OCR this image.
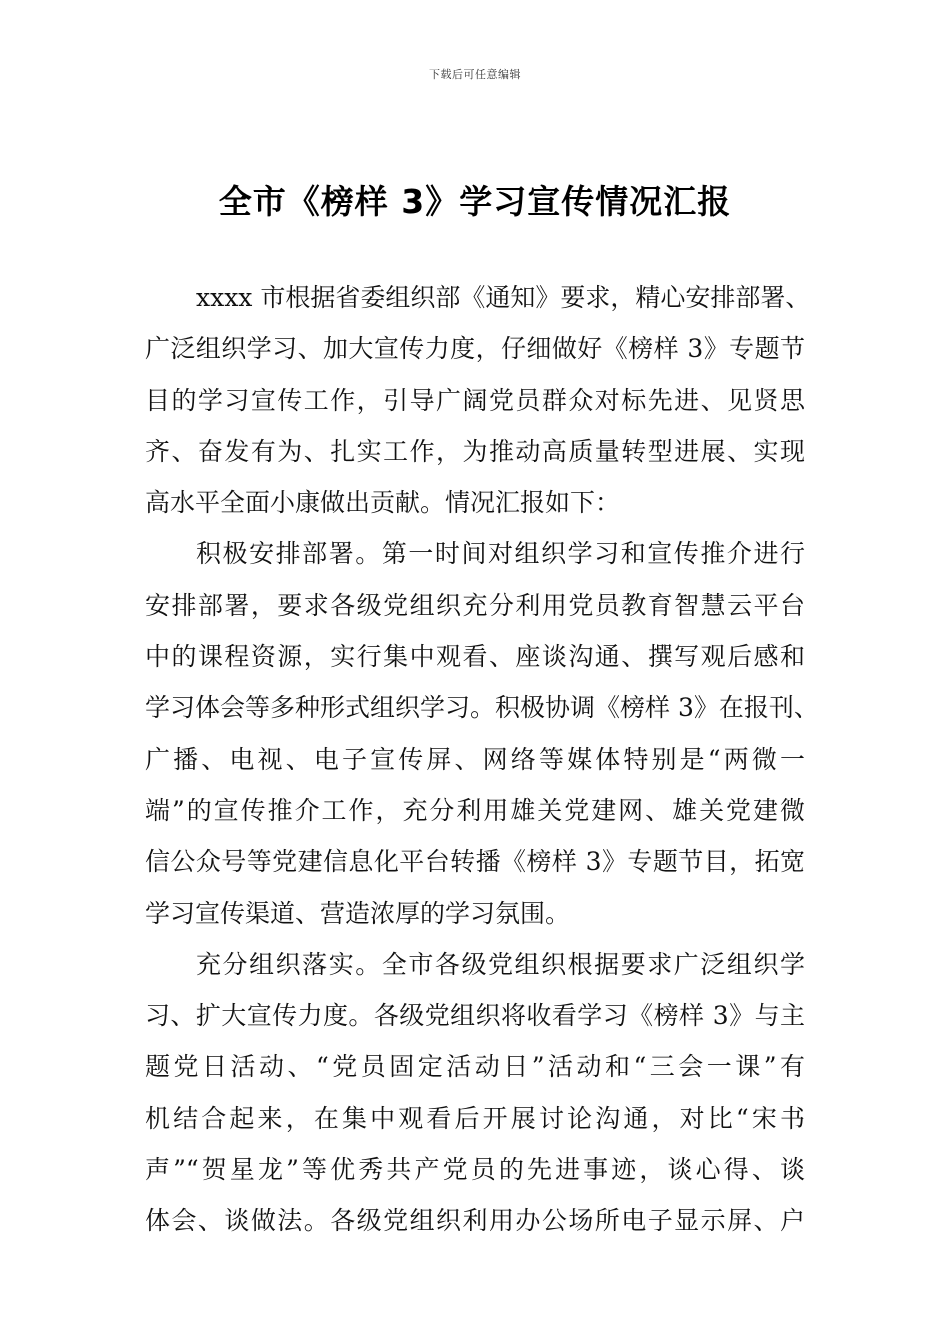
下载后可任意编辑
全市《榜样 3》学习宣传情况汇报
xxxx 市根据省委组织部《通知》要求，精心安排部署、
广泛组织学习、加大宣传力度，仔细做好《榜样 3》专题节
目的学习宣传工作，引导广阔党员群众对标先进、见贤思
齐、奋发有为、扎实工作，为推动高质量转型进展、实现
高水平全面小康做出贡献。情况汇报如下：
积极安排部署。第一时间对组织学习和宣传推介进行
安排部署，要求各级党组织充分利用党员教育智慧云平台
中的课程资源，实行集中观看、座谈沟通、撰写观后感和
学习体会等多种形式组织学习。积极协调《榜样 3》在报刊、
广播、电视、电子宣传屏、网络等媒体特别是“两微一
端”的宣传推介工作，充分利用雄关党建网、雄关党建微
信公众号等党建信息化平台转播《榜样 3》专题节目，拓宽
学习宣传渠道、营造浓厚的学习氛围。
充分组织落实。全市各级党组织根据要求广泛组织学
习、扩大宣传力度。各级党组织将收看学习《榜样 3》与主
题党日活动、“党员固定活动日”活动和“三会一课”有
机结合起来，在集中观看后开展讨论沟通，对比“宋书
声”“贺星龙”等优秀共产党员的先进事迹，谈心得、谈
体会、谈做法。各级党组织利用办公场所电子显示屏、户
